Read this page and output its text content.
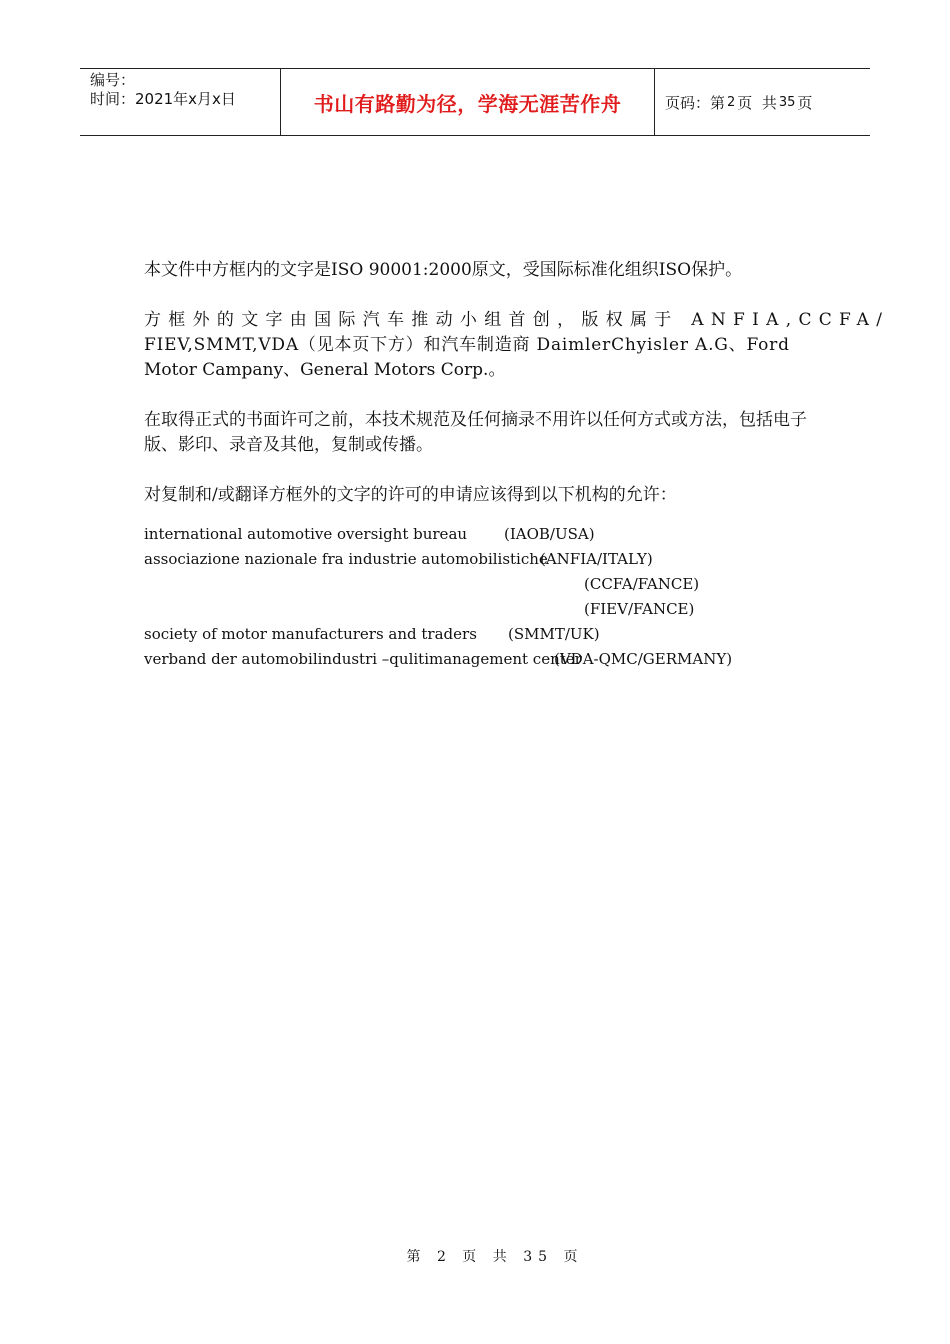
编号：
时间：2021年x月x日	书山有路勤为径，学海无涯苦作舟	页码：第 2 页  共 35 页

本文件中方框内的文字是ISO 90001:2000原文，受国际标准化组织ISO保护。

方框外的文字由国际汽车推动小组首创，版权属于 ANFIA,CCFA/
FIEV,SMMT,VDA（见本页下方）和汽车制造商 DaimlerChyisler A.G、Ford
Motor Campany、General Motors Corp.。

在取得正式的书面许可之前，本技术规范及任何摘录不用许以任何方式或方法，包括电子版、影印、录音及其他，复制或传播。

对复制和/或翻译方框外的文字的许可的申请应该得到以下机构的允许：

international automotive oversight bureau (IAOB/USA)
associazione nazionale fra industrie automobilistiche
(ANFIA/ITALY)
(CCFA/FANCE)
(FIEV/FANCE)
society of motor manufacturers and traders (SMMT/UK)
verband der automobilindustri –qulitimanagement center
(VDA-QMC/GERMANY)
第 2 页 共 35 页
